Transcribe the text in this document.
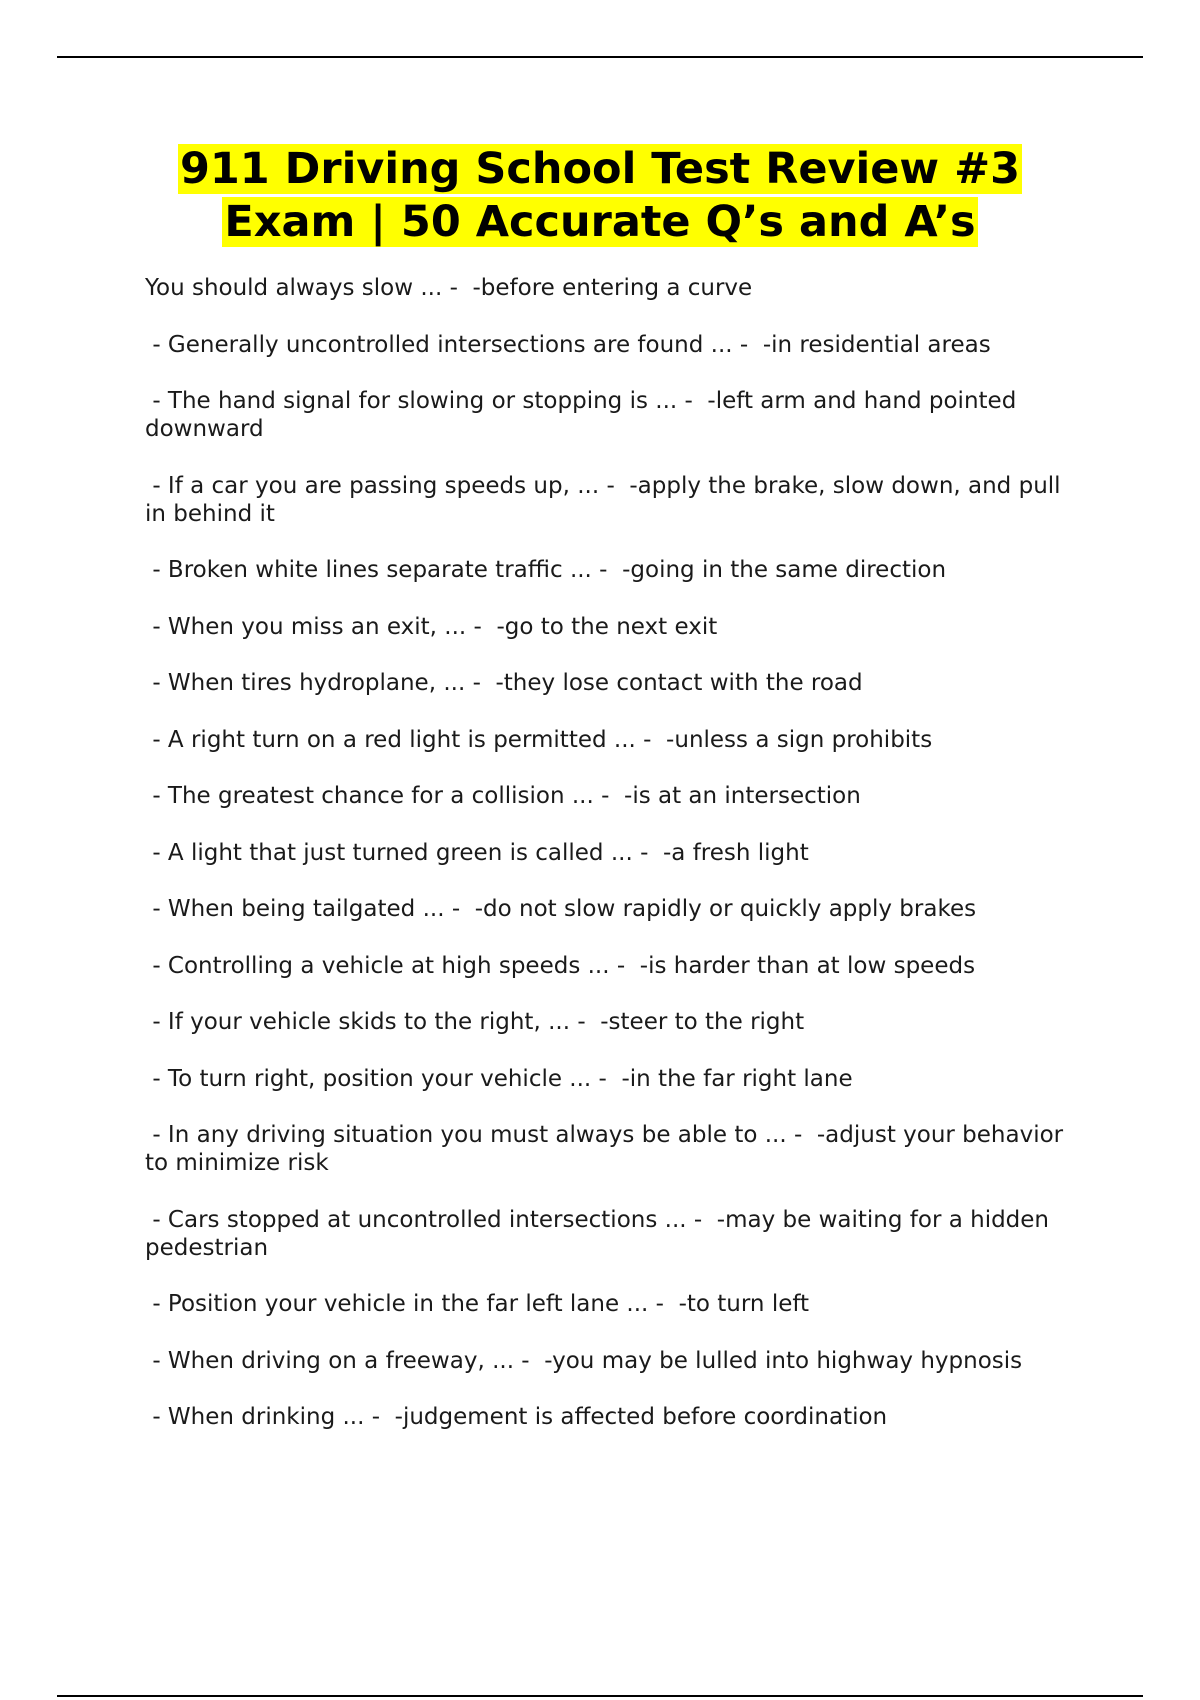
911 Driving School Test Review #3
Exam | 50 Accurate Q’s and A’s
You should always slow ... -  -before entering a curve
- Generally uncontrolled intersections are found ... -  -in residential areas
- The hand signal for slowing or stopping is ... -  -left arm and hand pointed downward
- If a car you are passing speeds up, ... -  -apply the brake, slow down, and pull in behind it
- Broken white lines separate traffic ... -  -going in the same direction
- When you miss an exit, ... -  -go to the next exit
- When tires hydroplane, ... -  -they lose contact with the road
- A right turn on a red light is permitted ... -  -unless a sign prohibits
- The greatest chance for a collision ... -  -is at an intersection
- A light that just turned green is called ... -  -a fresh light
- When being tailgated ... -  -do not slow rapidly or quickly apply brakes
- Controlling a vehicle at high speeds ... -  -is harder than at low speeds
- If your vehicle skids to the right, ... -  -steer to the right
- To turn right, position your vehicle ... -  -in the far right lane
- In any driving situation you must always be able to ... -  -adjust your behavior to minimize risk
- Cars stopped at uncontrolled intersections ... -  -may be waiting for a hidden pedestrian
- Position your vehicle in the far left lane ... -  -to turn left
- When driving on a freeway, ... -  -you may be lulled into highway hypnosis
- When drinking ... -  -judgement is affected before coordination
